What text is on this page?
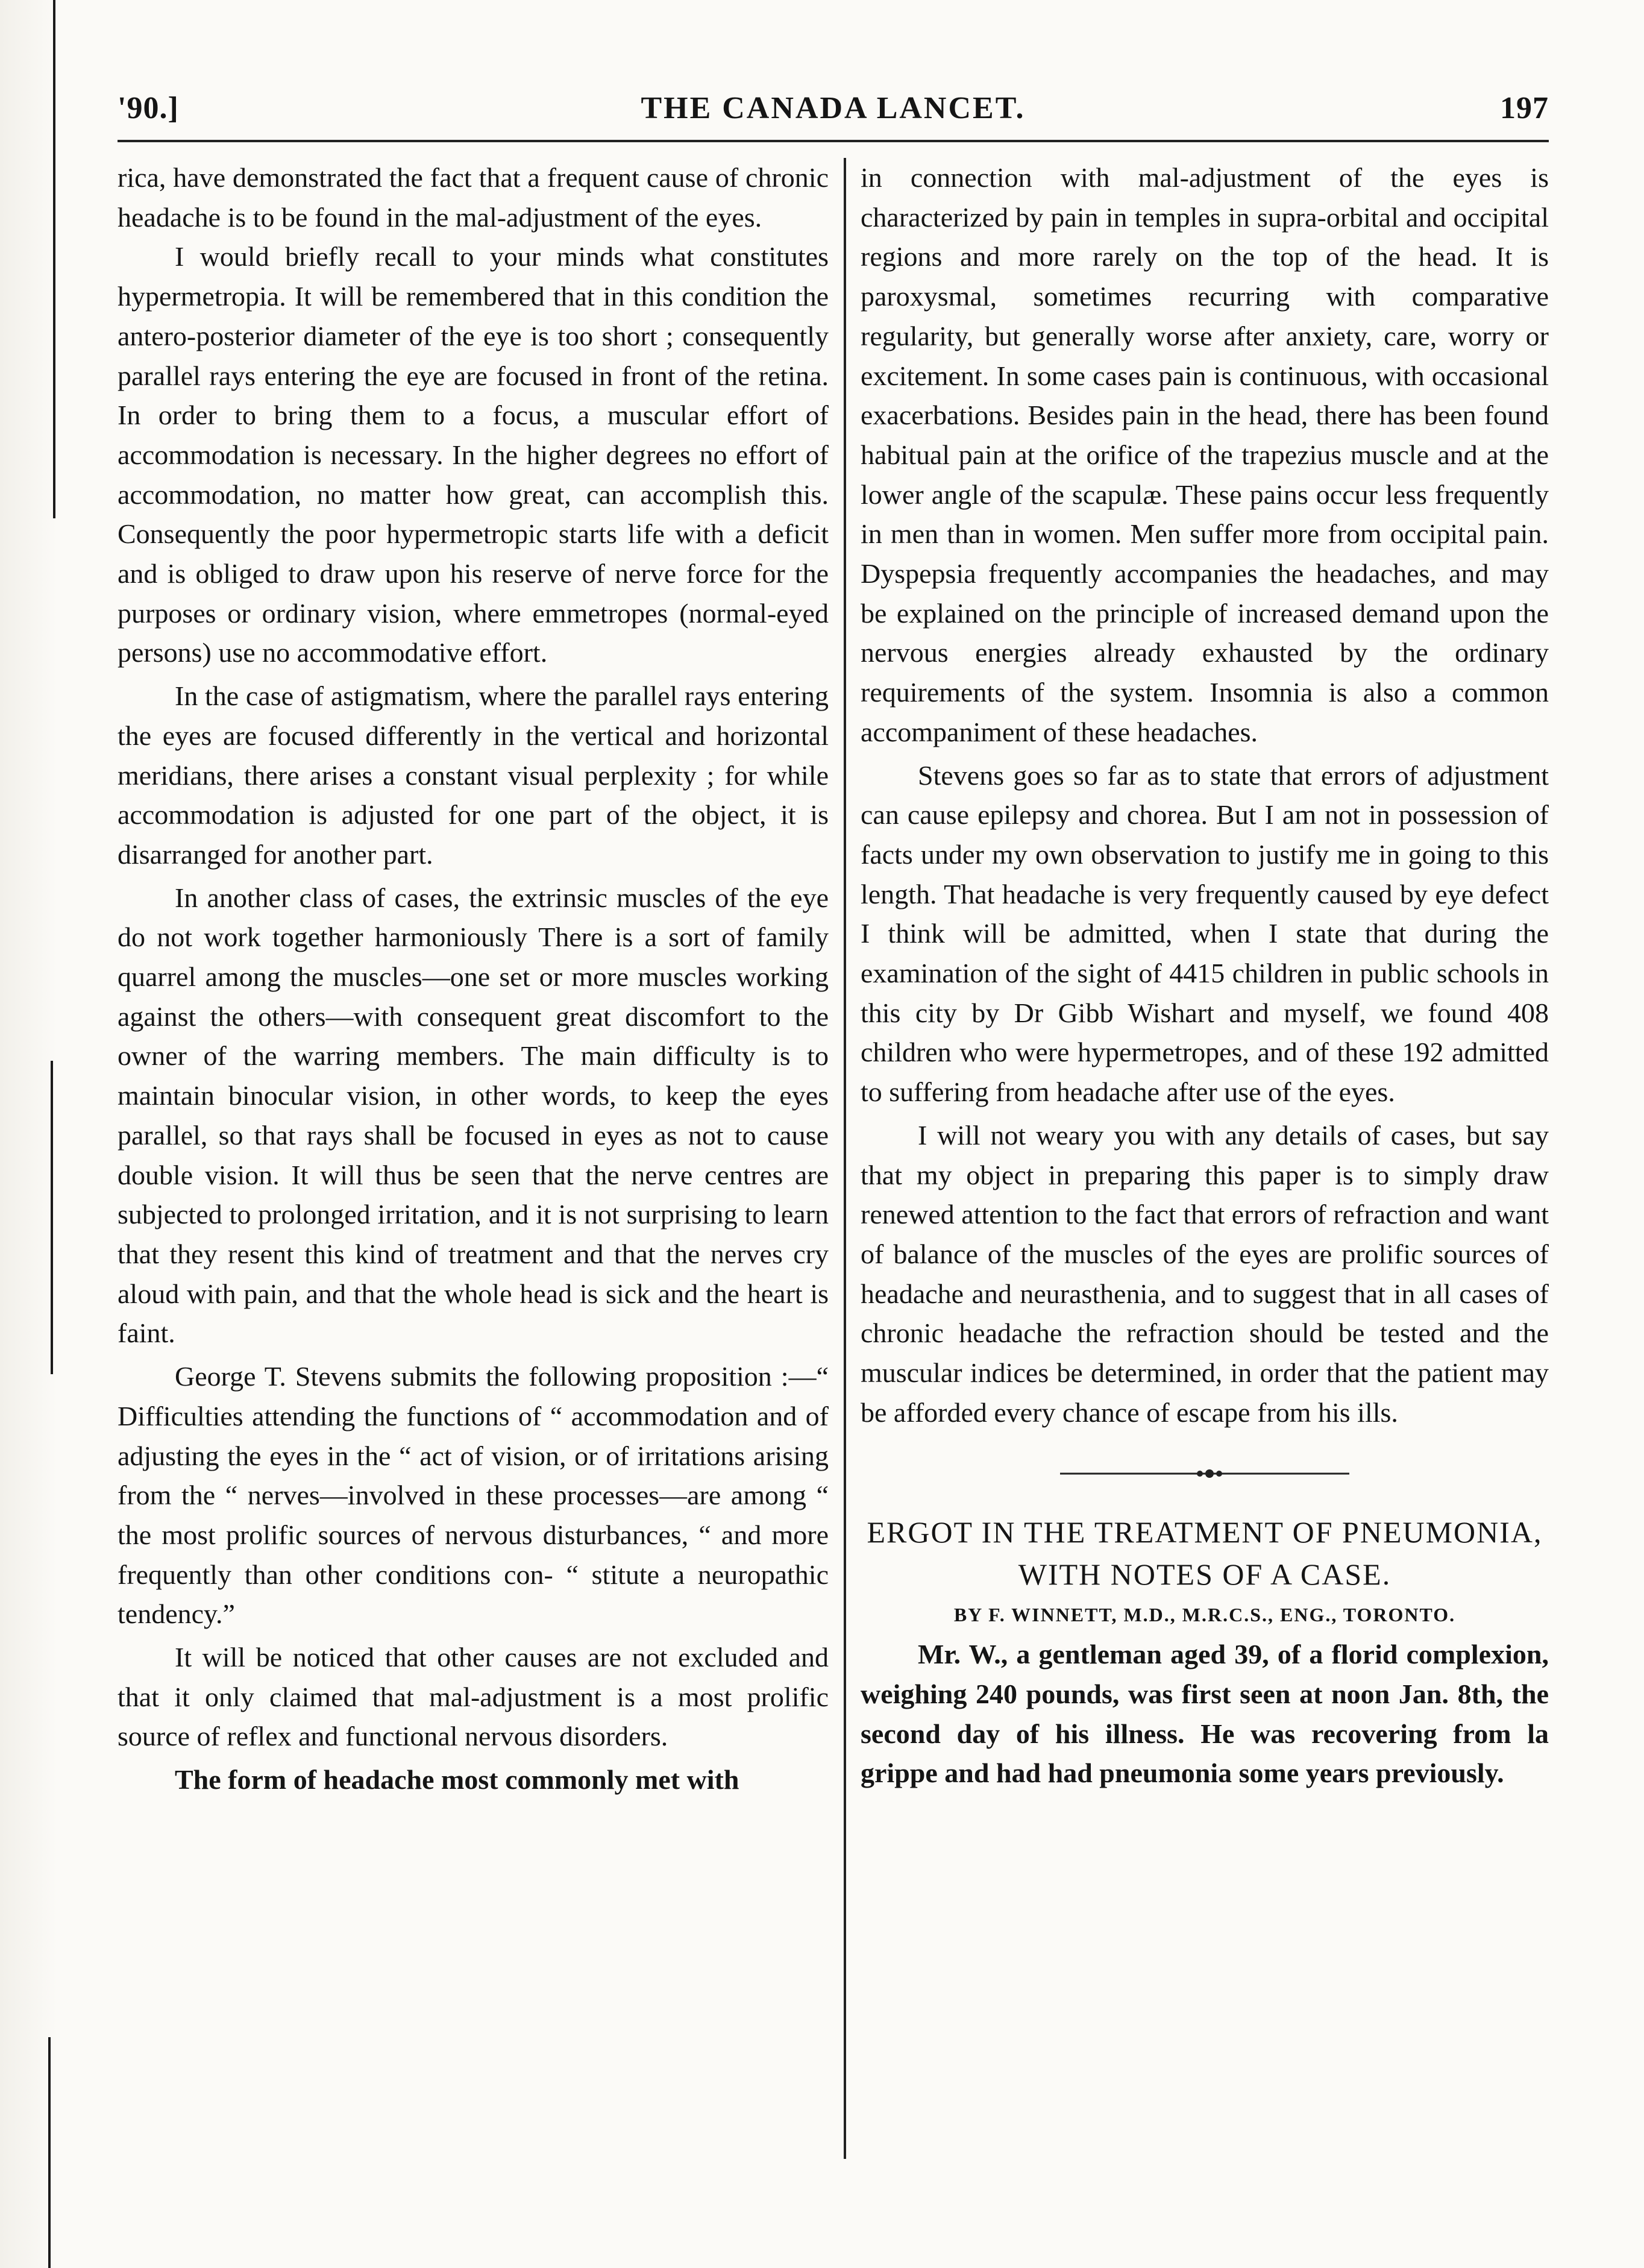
'90.]	THE CANADA LANCET.	197

rica, have demonstrated the fact that a frequent cause of chronic headache is to be found in the mal-adjustment of the eyes.

I would briefly recall to your minds what constitutes hypermetropia. It will be remembered that in this condition the antero-posterior diameter of the eye is too short ; consequently parallel rays entering the eye are focused in front of the retina. In order to bring them to a focus, a muscular effort of accommodation is necessary. In the higher degrees no effort of accommodation, no matter how great, can accomplish this. Consequently the poor hypermetropic starts life with a deficit and is obliged to draw upon his reserve of nerve force for the purposes or ordinary vision, where emmetropes (normal-eyed persons) use no accommodative effort.

In the case of astigmatism, where the parallel rays entering the eyes are focused differently in the vertical and horizontal meridians, there arises a constant visual perplexity ; for while accommodation is adjusted for one part of the object, it is disarranged for another part.

In another class of cases, the extrinsic muscles of the eye do not work together harmoniously There is a sort of family quarrel among the muscles—one set or more muscles working against the others—with consequent great discomfort to the owner of the warring members. The main difficulty is to maintain binocular vision, in other words, to keep the eyes parallel, so that rays shall be focused in eyes as not to cause double vision. It will thus be seen that the nerve centres are subjected to prolonged irritation, and it is not surprising to learn that they resent this kind of treatment and that the nerves cry aloud with pain, and that the whole head is sick and the heart is faint.

George T. Stevens submits the following proposition :—“ Difficulties attending the functions of “ accommodation and of adjusting the eyes in the “ act of vision, or of irritations arising from the “ nerves—involved in these processes—are among “ the most prolific sources of nervous disturbances, “ and more frequently than other conditions con- “ stitute a neuropathic tendency.”

It will be noticed that other causes are not excluded and that it only claimed that mal-adjustment is a most prolific source of reflex and functional nervous disorders.

The form of headache most commonly met with

in connection with mal-adjustment of the eyes is characterized by pain in temples in supra-orbital and occipital regions and more rarely on the top of the head. It is paroxysmal, sometimes recurring with comparative regularity, but generally worse after anxiety, care, worry or excitement. In some cases pain is continuous, with occasional exacerbations. Besides pain in the head, there has been found habitual pain at the orifice of the trapezius muscle and at the lower angle of the scapulæ. These pains occur less frequently in men than in women. Men suffer more from occipital pain. Dyspepsia frequently accompanies the headaches, and may be explained on the principle of increased demand upon the nervous energies already exhausted by the ordinary requirements of the system. Insomnia is also a common accompaniment of these headaches.

Stevens goes so far as to state that errors of adjustment can cause epilepsy and chorea. But I am not in possession of facts under my own observation to justify me in going to this length. That headache is very frequently caused by eye defect I think will be admitted, when I state that during the examination of the sight of 4415 children in public schools in this city by Dr Gibb Wishart and myself, we found 408 children who were hypermetropes, and of these 192 admitted to suffering from headache after use of the eyes.

I will not weary you with any details of cases, but say that my object in preparing this paper is to simply draw renewed attention to the fact that errors of refraction and want of balance of the muscles of the eyes are prolific sources of headache and neurasthenia, and to suggest that in all cases of chronic headache the refraction should be tested and the muscular indices be determined, in order that the patient may be afforded every chance of escape from his ills.

ERGOT IN THE TREATMENT OF PNEUMONIA, WITH NOTES OF A CASE.

BY F. WINNETT, M.D., M.R.C.S., ENG., TORONTO.

Mr. W., a gentleman aged 39, of a florid complexion, weighing 240 pounds, was first seen at noon Jan. 8th, the second day of his illness. He was recovering from la grippe and had had pneumonia some years previously.
